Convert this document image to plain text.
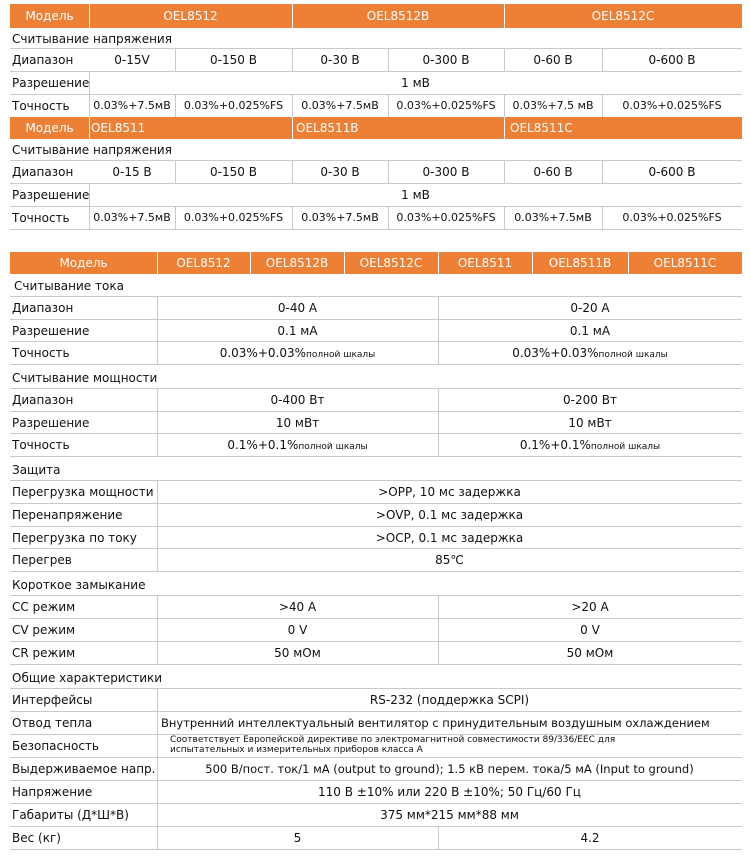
Модель	OEL8512	OEL8512B	OEL8512C
Считывание напряжения
Диапазон	0-15V	0-150 В	0-30 В	0-300 В	0-60 В	0-600 В
Разрешение	1 мВ
Точность	0.03%+7.5мВ	0.03%+0.025%FS	0.03%+7.5мВ	0.03%+0.025%FS	0.03%+7.5 мВ	0.03%+0.025%FS
Модель	OEL8511	OEL8511B	OEL8511C
Считывание напряжения
Диапазон	0-15 В	0-150 В	0-30 В	0-300 В	0-60 В	0-600 В
Разрешение	1 мВ
Точность	0.03%+7.5мВ	0.03%+0.025%FS	0.03%+7.5мВ	0.03%+0.025%FS	0.03%+7.5мВ	0.03%+0.025%FS
Модель	OEL8512	OEL8512B	OEL8512C	OEL8511	OEL8511B	OEL8511C
Считывание тока
Диапазон	0-40 А	0-20 А
Разрешение	0.1 мА	0.1 мА
Точность	0.03%+0.03%полной шкалы	0.03%+0.03%полной шкалы
Считывание мощности
Диапазон	0-400 Вт	0-200 Вт
Разрешение	10 мВт	10 мВт
Точность	0.1%+0.1%полной шкалы	0.1%+0.1%полной шкалы
Защита
Перегрузка мощности	>OPP, 10 мс задержка
Перенапряжение	>OVP, 0.1 мс задержка
Перегрузка по току	>OCP, 0.1 мс задержка
Перегрев	85℃
Короткое замыкание
CC режим	>40 А	>20 А
CV режим	0 V	0 V
CR режим	50 мОм	50 мОм
Общие характеристики
Интерфейсы	RS-232 (поддержка SCPI)
Отвод тепла	Внутренний интеллектуальный вентилятор с принудительным воздушным охлаждением
Безопасность	Соответствует Европейской директиве по электромагнитной совместимости 89/336/EEC для испытательных и измерительных приборов класса А
Выдерживаемое напр.	500 В/пост. ток/1 мА (output to ground); 1.5 кВ перем. тока/5 мА (Input to ground)
Напряжение	110 В ±10% или 220 В ±10%; 50 Гц/60 Гц
Габариты (Д*Ш*В)	375 мм*215 мм*88 мм
Вес (кг)	5	4.2
